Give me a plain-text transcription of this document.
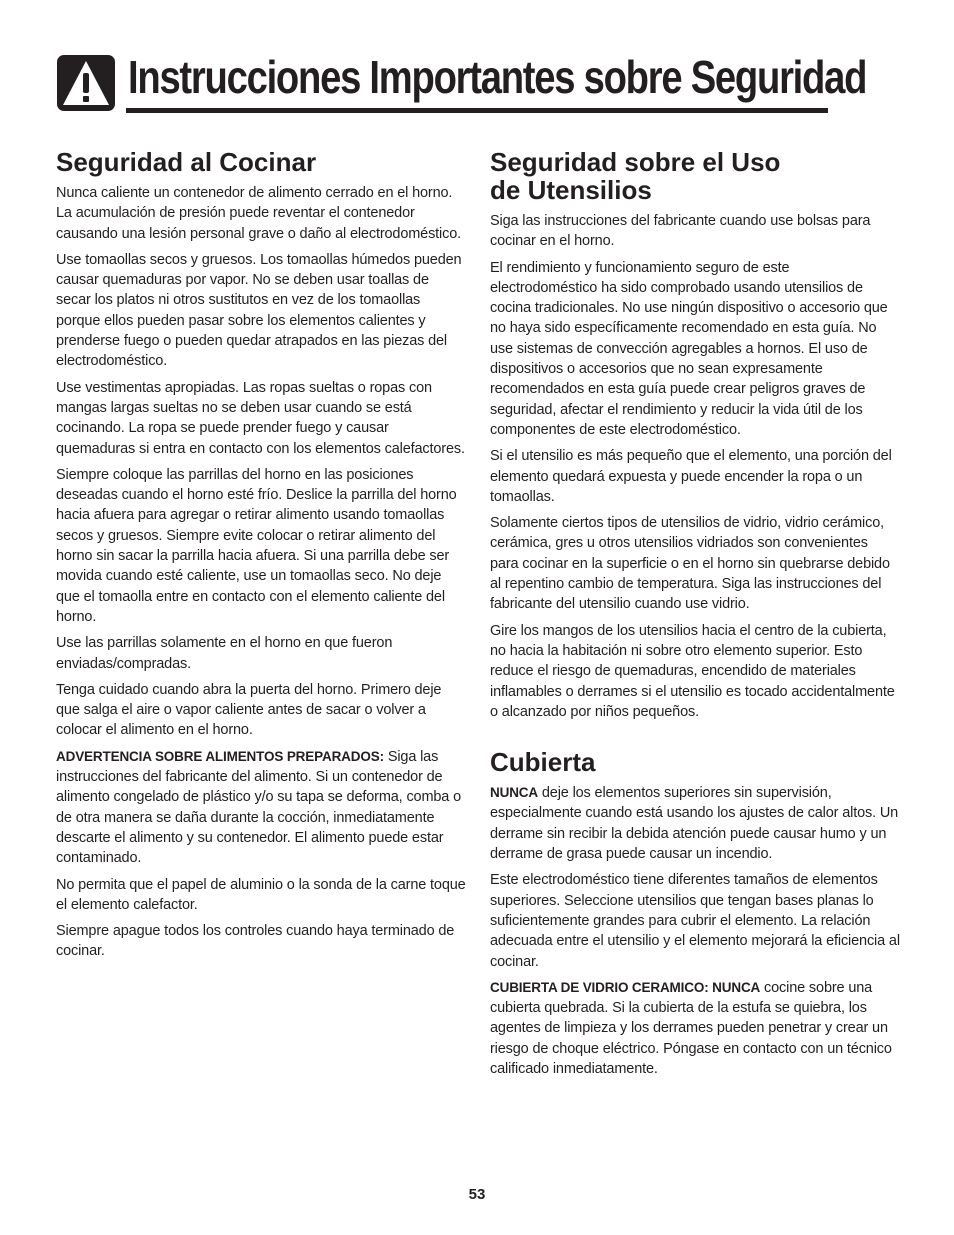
Instrucciones Importantes sobre Seguridad
Seguridad al Cocinar

Nunca caliente un contenedor de alimento cerrado en el horno. La acumulación de presión puede reventar el contenedor causando una lesión personal grave o daño al electrodoméstico.

Use tomaollas secos y gruesos. Los tomaollas húmedos pueden causar quemaduras por vapor. No se deben usar toallas de secar los platos ni otros sustitutos en vez de los tomaollas porque ellos pueden pasar sobre los elementos calientes y prenderse fuego o pueden quedar atrapados en las piezas del electrodoméstico.

Use vestimentas apropiadas. Las ropas sueltas o ropas con mangas largas sueltas no se deben usar cuando se está cocinando. La ropa se puede prender fuego y causar quemaduras si entra en contacto con los elementos calefactores.

Siempre coloque las parrillas del horno en las posiciones deseadas cuando el horno esté frío. Deslice la parrilla del horno hacia afuera para agregar o retirar alimento usando tomaollas secos y gruesos. Siempre evite colocar o retirar alimento del horno sin sacar la parrilla hacia afuera. Si una parrilla debe ser movida cuando esté caliente, use un tomaollas seco. No deje que el tomaolla entre en contacto con el elemento caliente del horno.

Use las parrillas solamente en el horno en que fueron enviadas/compradas.

Tenga cuidado cuando abra la puerta del horno. Primero deje que salga el aire o vapor caliente antes de sacar o volver a colocar el alimento en el horno.

ADVERTENCIA SOBRE ALIMENTOS PREPARADOS: Siga las instrucciones del fabricante del alimento. Si un contenedor de alimento congelado de plástico y/o su tapa se deforma, comba o de otra manera se daña durante la cocción, inmediatamente descarte el alimento y su contenedor. El alimento puede estar contaminado.

No permita que el papel de aluminio o la sonda de la carne toque el elemento calefactor.

Siempre apague todos los controles cuando haya terminado de cocinar.

Seguridad sobre el Uso
de Utensilios

Siga las instrucciones del fabricante cuando use bolsas para cocinar en el horno.

El rendimiento y funcionamiento seguro de este electrodoméstico ha sido comprobado usando utensilios de cocina tradicionales. No use ningún dispositivo o accesorio que no haya sido específicamente recomendado en esta guía. No use sistemas de convección agregables a hornos. El uso de dispositivos o accesorios que no sean expresamente recomendados en esta guía puede crear peligros graves de seguridad, afectar el rendimiento y reducir la vida útil de los componentes de este electrodoméstico.

Si el utensilio es más pequeño que el elemento, una porción del elemento quedará expuesta y puede encender la ropa o un tomaollas.

Solamente ciertos tipos de utensilios de vidrio, vidrio cerámico, cerámica, gres u otros utensilios vidriados son convenientes para cocinar en la superficie o en el horno sin quebrarse debido al repentino cambio de temperatura. Siga las instrucciones del fabricante del utensilio cuando use vidrio.

Gire los mangos de los utensilios hacia el centro de la cubierta, no hacia la habitación ni sobre otro elemento superior. Esto reduce el riesgo de quemaduras, encendido de materiales inflamables o derrames si el utensilio es tocado accidentalmente o alcanzado por niños pequeños.

Cubierta

NUNCA deje los elementos superiores sin supervisión, especialmente cuando está usando los ajustes de calor altos. Un derrame sin recibir la debida atención puede causar humo y un derrame de grasa puede causar un incendio.

Este electrodoméstico tiene diferentes tamaños de elementos superiores. Seleccione utensilios que tengan bases planas lo suficientemente grandes para cubrir el elemento. La relación adecuada entre el utensilio y el elemento mejorará la eficiencia al cocinar.

CUBIERTA DE VIDRIO CERAMICO: NUNCA cocine sobre una cubierta quebrada. Si la cubierta de la estufa se quiebra, los agentes de limpieza y los derrames pueden penetrar y crear un riesgo de choque eléctrico. Póngase en contacto con un técnico calificado inmediatamente.

53
